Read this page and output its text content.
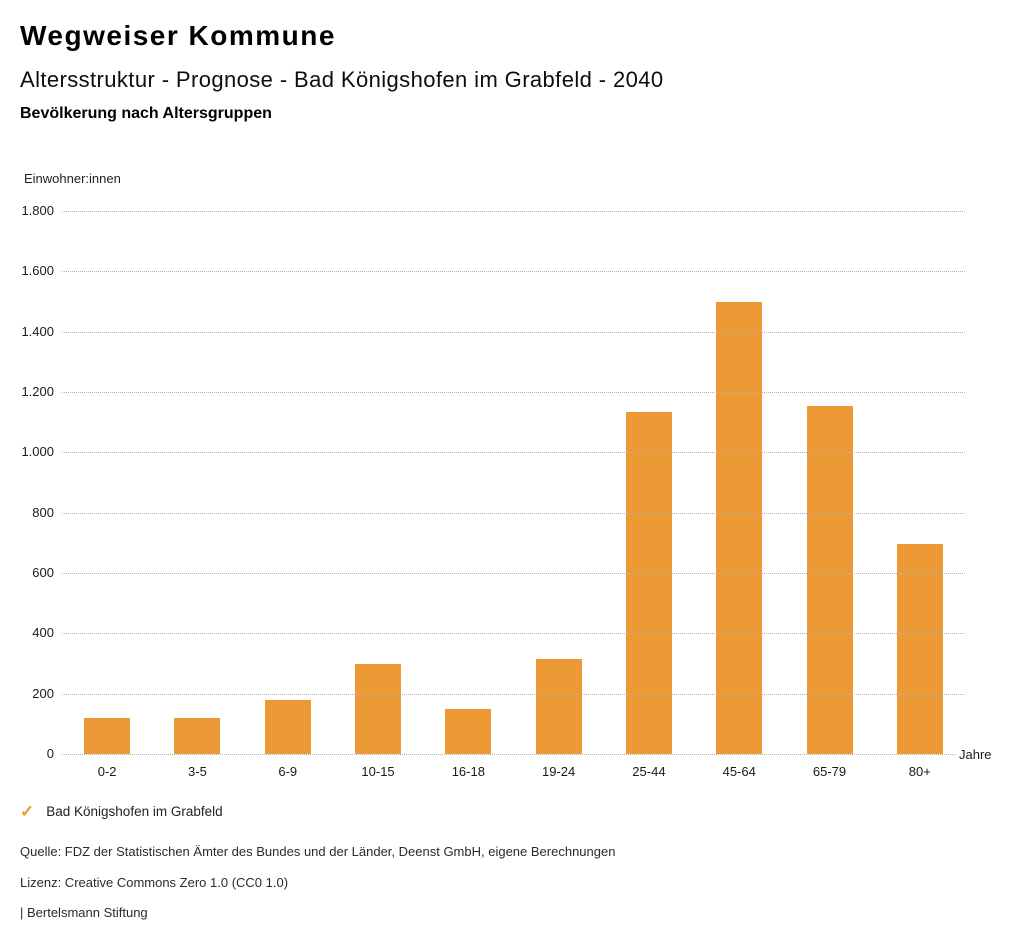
Wegweiser Kommune
Altersstruktur - Prognose - Bad Königshofen im Grabfeld - 2040
Bevölkerung nach Altersgruppen
Einwohner:innen
0
200
400
600
800
1.000
1.200
1.400
1.600
1.800
0-2	3-5	6-9	10-15	16-18	19-24	25-44	45-64	65-79	80+
Jahre
✓ Bad Königshofen im Grabfeld
Quelle: FDZ der Statistischen Ämter des Bundes und der Länder, Deenst GmbH, eigene Berechnungen
Lizenz: Creative Commons Zero 1.0 (CC0 1.0)
| Bertelsmann Stiftung
